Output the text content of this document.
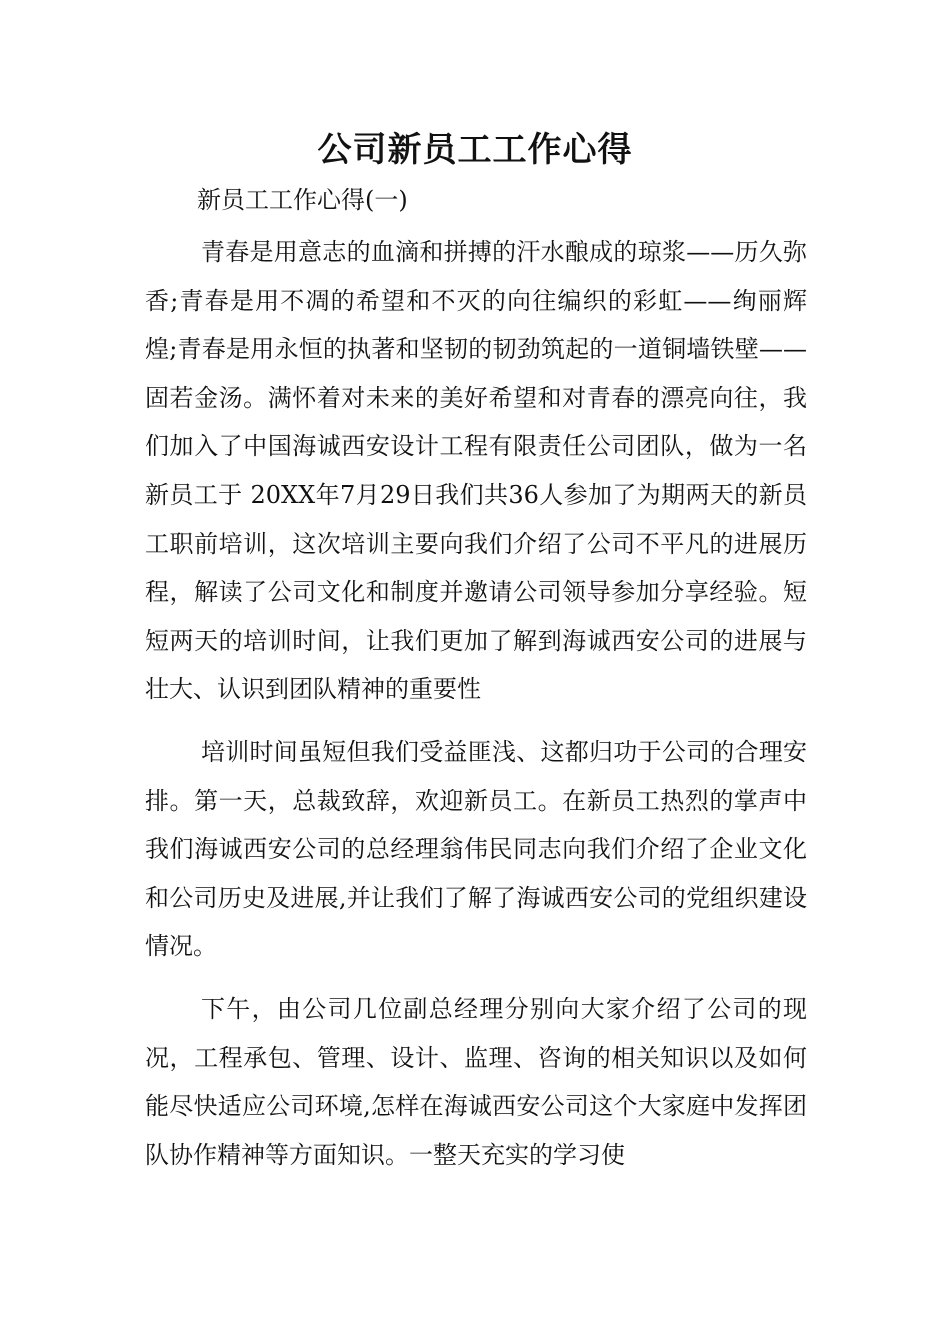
公司新员工工作心得

新员工工作心得(一)

青春是用意志的血滴和拼搏的汗水酿成的琼浆——历久弥香;青春是用不凋的希望和不灭的向往编织的彩虹——绚丽辉煌;青春是用永恒的执著和坚韧的韧劲筑起的一道铜墙铁壁——固若金汤。满怀着对未来的美好希望和对青春的漂亮向往，我们加入了中国海诚西安设计工程有限责任公司团队，做为一名新员工于 20XX年7月29日我们共36人参加了为期两天的新员工职前培训，这次培训主要向我们介绍了公司不平凡的进展历程，解读了公司文化和制度并邀请公司领导参加分享经验。短短两天的培训时间，让我们更加了解到海诚西安公司的进展与壮大、认识到团队精神的重要性

培训时间虽短但我们受益匪浅、这都归功于公司的合理安排。第一天，总裁致辞，欢迎新员工。在新员工热烈的掌声中我们海诚西安公司的总经理翁伟民同志向我们介绍了企业文化和公司历史及进展,并让我们了解了海诚西安公司的党组织建设情况。

下午，由公司几位副总经理分别向大家介绍了公司的现况，工程承包、管理、设计、监理、咨询的相关知识以及如何能尽快适应公司环境,怎样在海诚西安公司这个大家庭中发挥团队协作精神等方面知识。一整天充实的学习使
